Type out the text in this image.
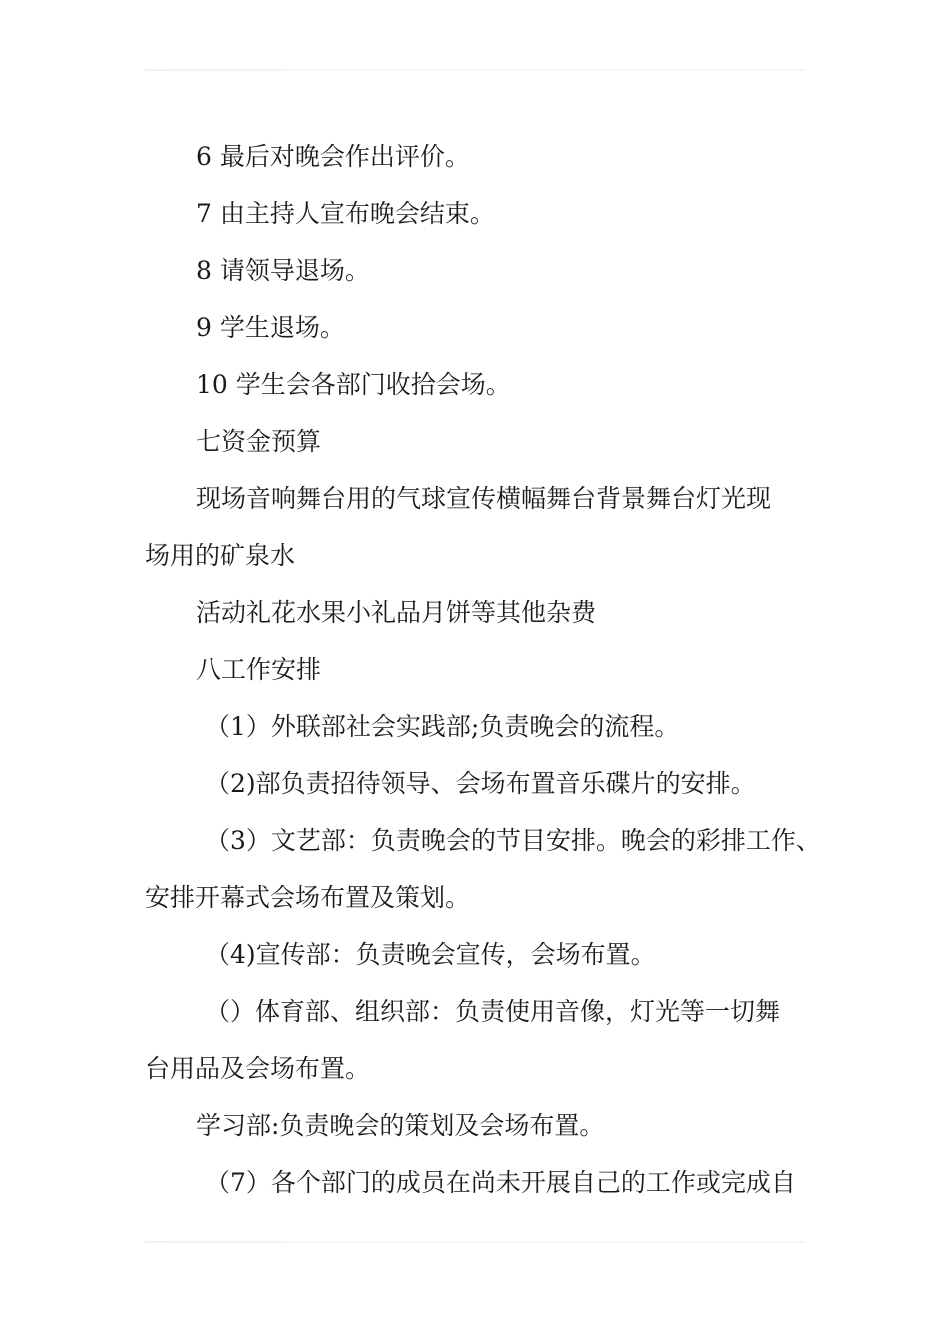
6 最后对晚会作出评价。

7 由主持人宣布晚会结束。

8 请领导退场。

9 学生退场。

10 学生会各部门收拾会场。

七资金预算

现场音响舞台用的气球宣传横幅舞台背景舞台灯光现

场用的矿泉水

活动礼花水果小礼品月饼等其他杂费

八工作安排

（1）外联部社会实践部;负责晚会的流程。

（2)部负责招待领导、会场布置音乐碟片的安排。

（3）文艺部：负责晚会的节目安排。晚会的彩排工作、

安排开幕式会场布置及策划。

（4)宣传部：负责晚会宣传，会场布置。

（）体育部、组织部：负责使用音像，灯光等一切舞

台用品及会场布置。

学习部:负责晚会的策划及会场布置。

（7）各个部门的成员在尚未开展自己的工作或完成自
